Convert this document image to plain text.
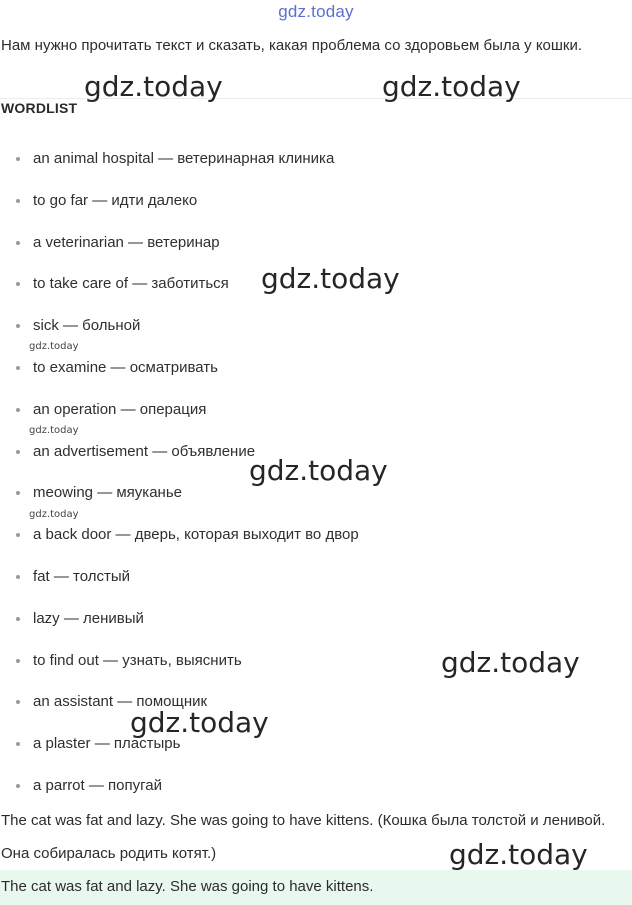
gdz.today
Нам нужно прочитать текст и сказать, какая проблема со здоровьем была у кошки.
WORDLIST
an animal hospital — ветеринарная клиника
to go far — идти далеко
a veterinarian — ветеринар
to take care of — заботиться
sick — больной
to examine — осматривать
an operation — операция
an advertisement — объявление
meowing — мяуканье
a back door — дверь, которая выходит во двор
fat — толстый
lazy — ленивый
to find out — узнать, выяснить
an assistant — помощник
a plaster — пластырь
a parrot — попугай
The cat was fat and lazy. She was going to have kittens. (Кошка была толстой и ленивой. Она собиралась родить котят.)
The cat was fat and lazy. She was going to have kittens.
gdz.today	gdz.today
gdz.today
gdz.today
gdz.today
gdz.today
gdz.today
gdz.today
gdz.today
gdz.today
